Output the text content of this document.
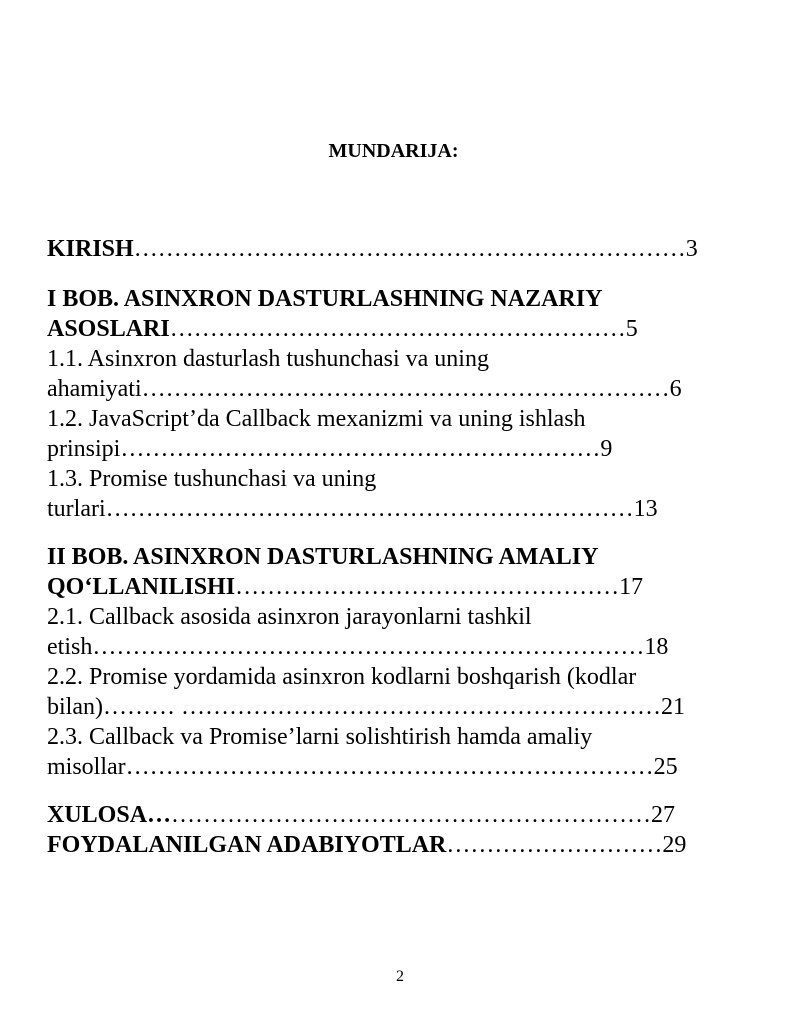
MUNDARIJA:
KIRISH……………………………………………………………3
I BOB. ASINXRON DASTURLASHNING NAZARIY
ASOSLARI…………………………………………………5
1.1. Asinxron dasturlash tushunchasi va uning
ahamiyati…………………………………………………………6
1.2. JavaScript’da Callback mexanizmi va uning ishlash
prinsipi……………………………………………………9
1.3. Promise tushunchasi va uning
turlari…………………………………………………………13
II BOB. ASINXRON DASTURLASHNING AMALIY
QO‘LLANILISHI…………………………………………17
2.1. Callback asosida asinxron jarayonlarni tashkil
etish……………………………………………………………18
2.2. Promise yordamida asinxron kodlarni boshqarish (kodlar
bilan)……… ……………………………………………………21
2.3. Callback va Promise’larni solishtirish hamda amaliy
misollar…………………………………………………………25
XULOSA………………………………………………………27
FOYDALANILGAN ADABIYOTLAR………………………29
2
